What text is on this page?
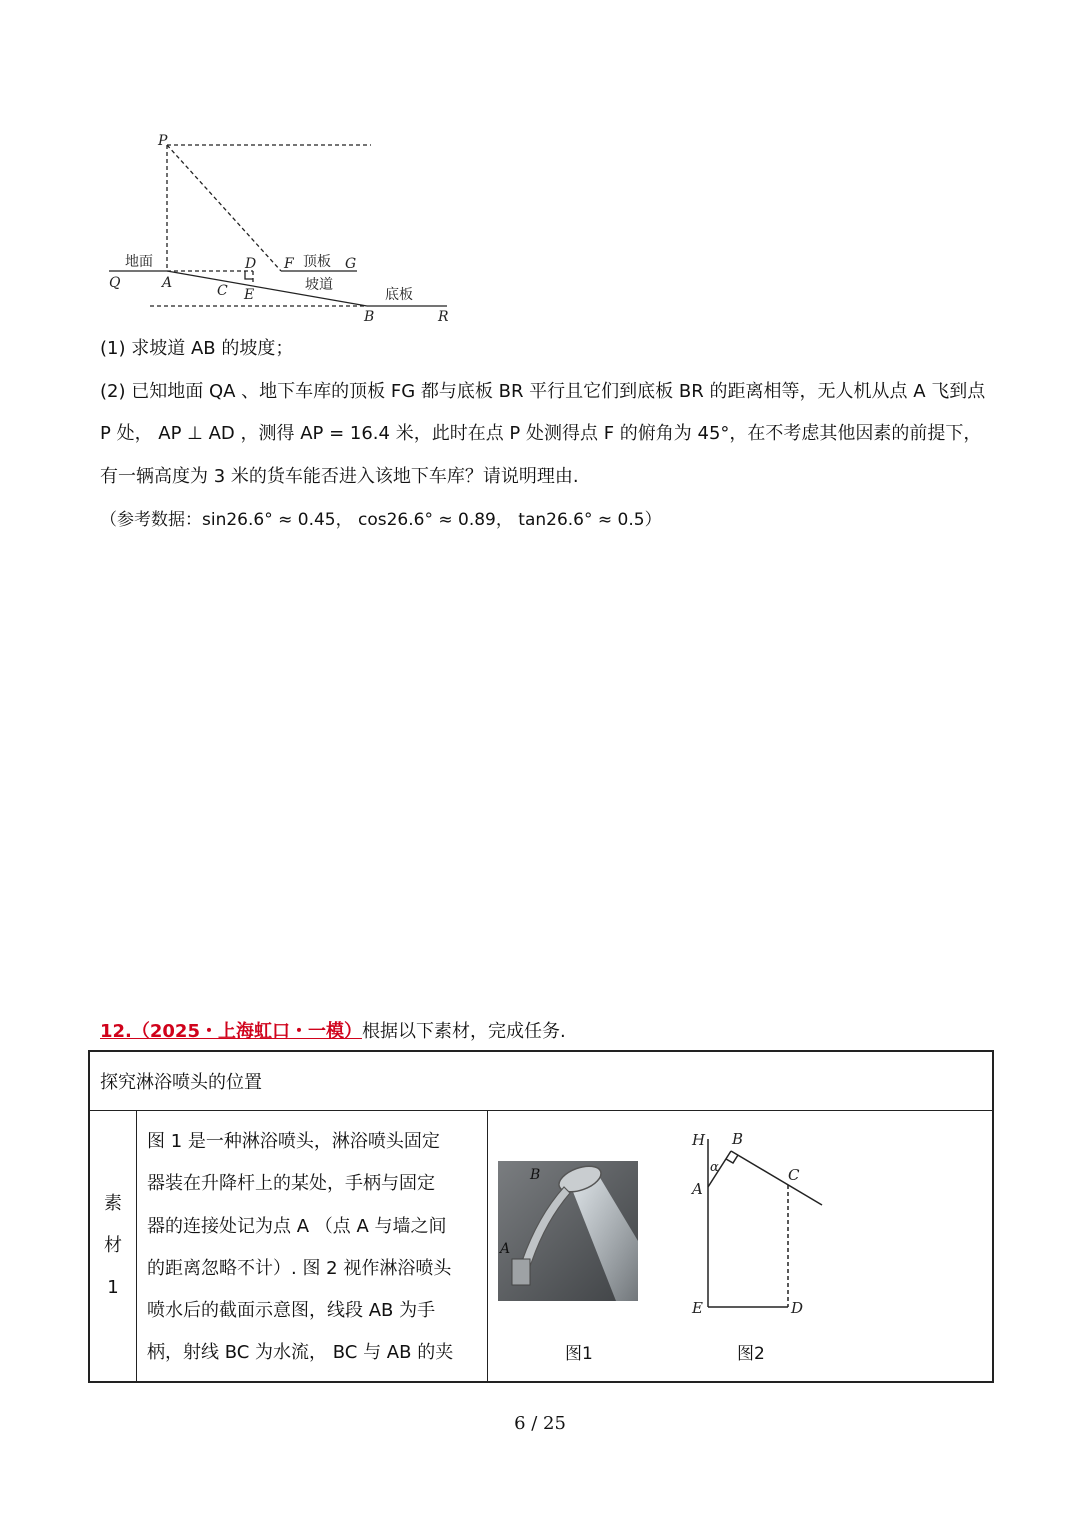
P
地面	D F 顶板 G
Q	A	C E
坡道
底板
B	R
(1) 求坡道 AB 的坡度；
(2) 已知地面 QA 、地下车库的顶板 FG 都与底板 BR 平行且它们到底板 BR 的距离相等，无人机从点 A 飞到点
P 处， AP ⊥ AD ，测得 AP = 16.4 米，此时在点 P 处测得点 F 的俯角为 45°，在不考虑其他因素的前提下，
有一辆高度为 3 米的货车能否进入该地下车库？请说明理由.
（参考数据：sin26.6° ≈ 0.45， cos26.6° ≈ 0.89， tan26.6° ≈ 0.5）
12.（2025・上海虹口・一模）根据以下素材，完成任务.
探究淋浴喷头的位置

素
材
1

图 1 是一种淋浴喷头，淋浴喷头固定
器装在升降杆上的某处，手柄与固定
器的连接处记为点 A （点 A 与墙之间
的距离忽略不计）. 图 2 视作淋浴喷头
喷水后的截面示意图，线段 AB 为手
柄，射线 BC 为水流， BC 与 AB 的夹

B
A
H B
α
A
C
E	D
图1	图2
6 / 25
